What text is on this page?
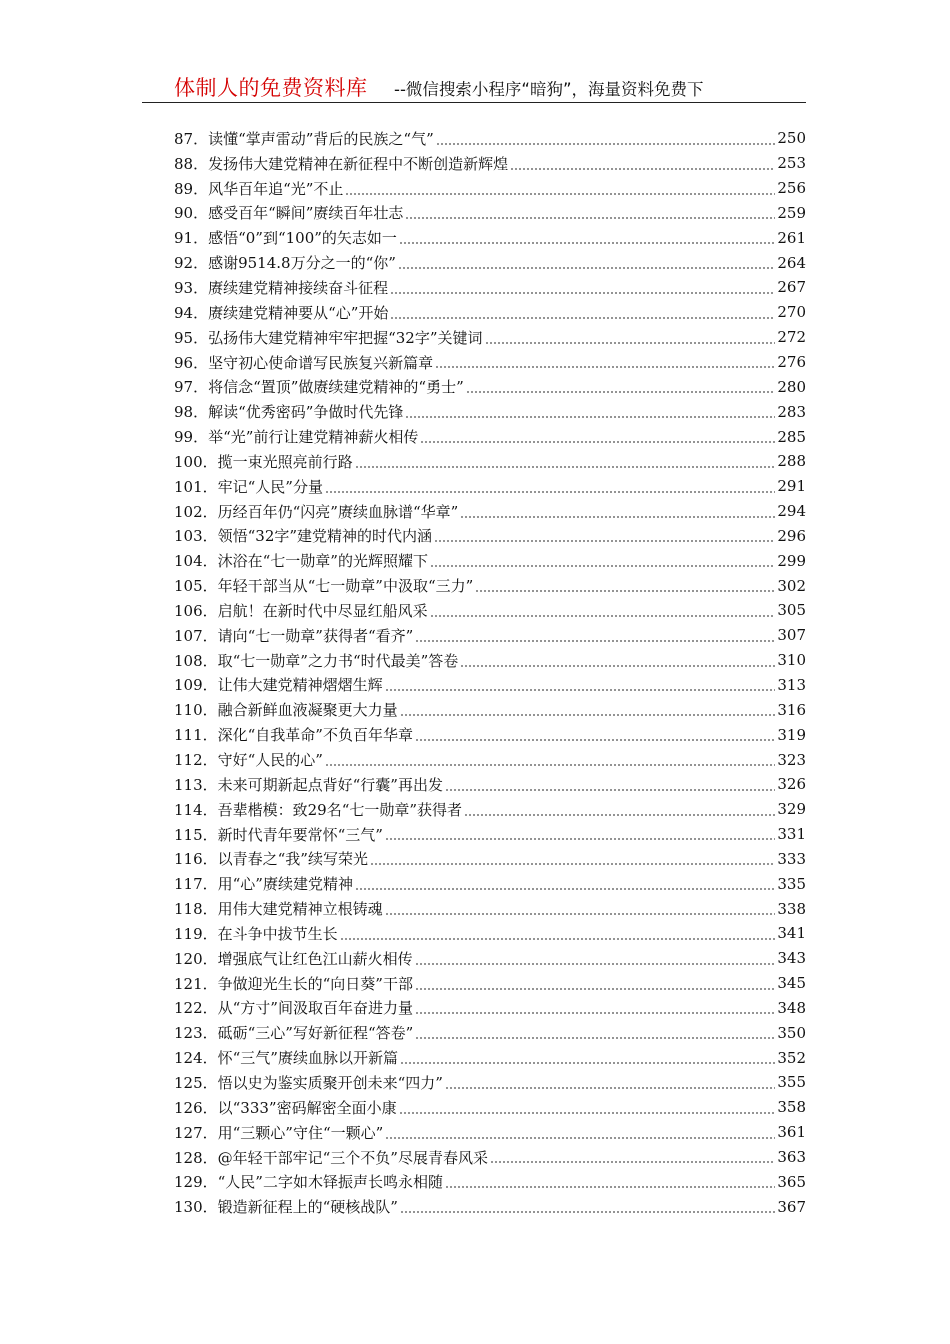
体制人的免费资料库 --微信搜索小程序“暗狗”，海量资料免费下
87．读懂“掌声雷动”背后的民族之“气”	250
88．发扬伟大建党精神在新征程中不断创造新辉煌	253
89．风华百年追“光”不止	256
90．感受百年“瞬间”赓续百年壮志	259
91．感悟“0”到“100”的矢志如一	261
92．感谢9514.8万分之一的“你”	264
93．赓续建党精神接续奋斗征程	267
94．赓续建党精神要从“心”开始	270
95．弘扬伟大建党精神牢牢把握“32字”关键词	272
96．坚守初心使命谱写民族复兴新篇章	276
97．将信念“置顶”做赓续建党精神的“勇士”	280
98．解读“优秀密码”争做时代先锋	283
99．举“光”前行让建党精神薪火相传	285
100．揽一束光照亮前行路	288
101．牢记“人民”分量	291
102．历经百年仍“闪亮”赓续血脉谱“华章”	294
103．领悟“32字”建党精神的时代内涵	296
104．沐浴在“七一勋章”的光辉照耀下	299
105．年轻干部当从“七一勋章”中汲取“三力”	302
106．启航！在新时代中尽显红船风采	305
107．请向“七一勋章”获得者“看齐”	307
108．取“七一勋章”之力书“时代最美”答卷	310
109．让伟大建党精神熠熠生辉	313
110．融合新鲜血液凝聚更大力量	316
111．深化“自我革命”不负百年华章	319
112．守好“人民的心”	323
113．未来可期新起点背好“行囊”再出发	326
114．吾辈楷模：致29名“七一勋章”获得者	329
115．新时代青年要常怀“三气”	331
116．以青春之“我”续写荣光	333
117．用“心”赓续建党精神	335
118．用伟大建党精神立根铸魂	338
119．在斗争中拔节生长	341
120．增强底气让红色江山薪火相传	343
121．争做迎光生长的“向日葵”干部	345
122．从“方寸”间汲取百年奋进力量	348
123．砥砺“三心”写好新征程“答卷”	350
124．怀“三气”赓续血脉以开新篇	352
125．悟以史为鉴实质聚开创未来“四力”	355
126．以“333”密码解密全面小康	358
127．用“三颗心”守住“一颗心”	361
128．@年轻干部牢记“三个不负”尽展青春风采	363
129．“人民”二字如木铎振声长鸣永相随	365
130．锻造新征程上的“硬核战队”	367
